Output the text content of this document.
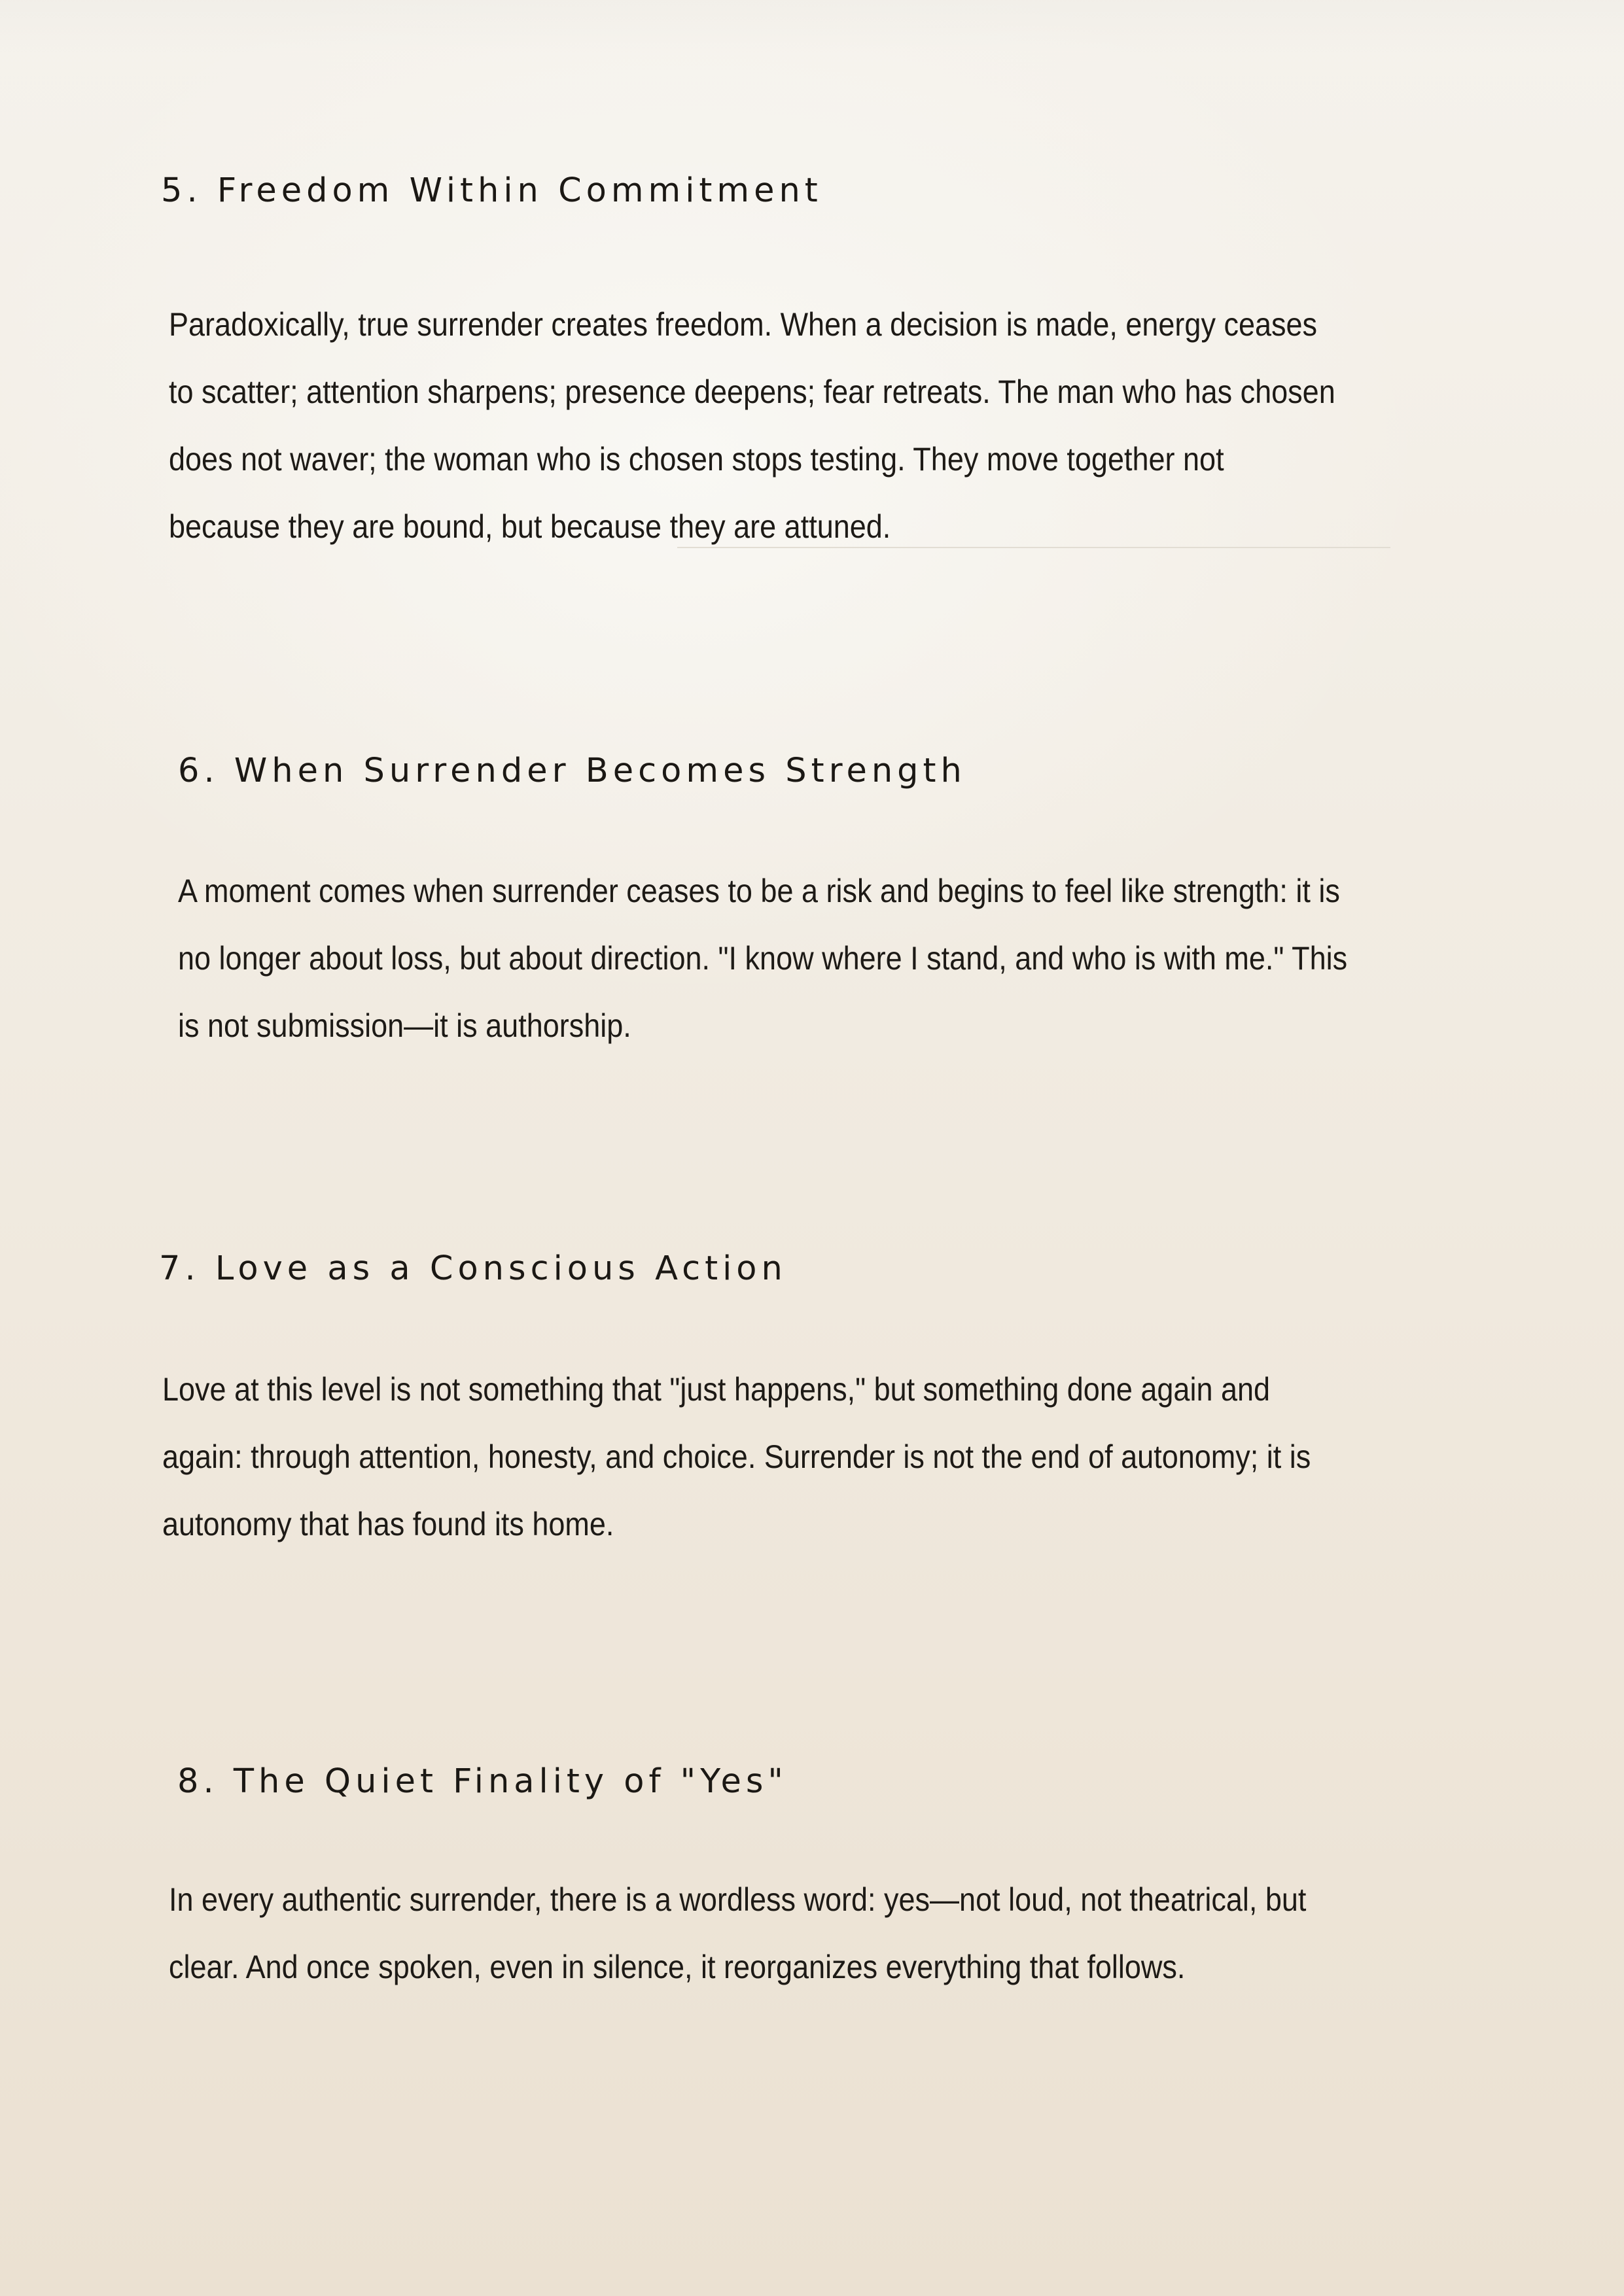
5. Freedom Within Commitment

Paradoxically, true surrender creates freedom. When a decision is made, energy ceases to scatter; attention sharpens; presence deepens; fear retreats. The man who has chosen does not waver; the woman who is chosen stops testing. They move together not because they are bound, but because they are attuned.

6. When Surrender Becomes Strength

A moment comes when surrender ceases to be a risk and begins to feel like strength: it is no longer about loss, but about direction. "I know where I stand, and who is with me." This is not submission—it is authorship.

7. Love as a Conscious Action

Love at this level is not something that "just happens," but something done again and again: through attention, honesty, and choice. Surrender is not the end of autonomy; it is autonomy that has found its home.

8. The Quiet Finality of "Yes"

In every authentic surrender, there is a wordless word: yes—not loud, not theatrical, but clear. And once spoken, even in silence, it reorganizes everything that follows.
